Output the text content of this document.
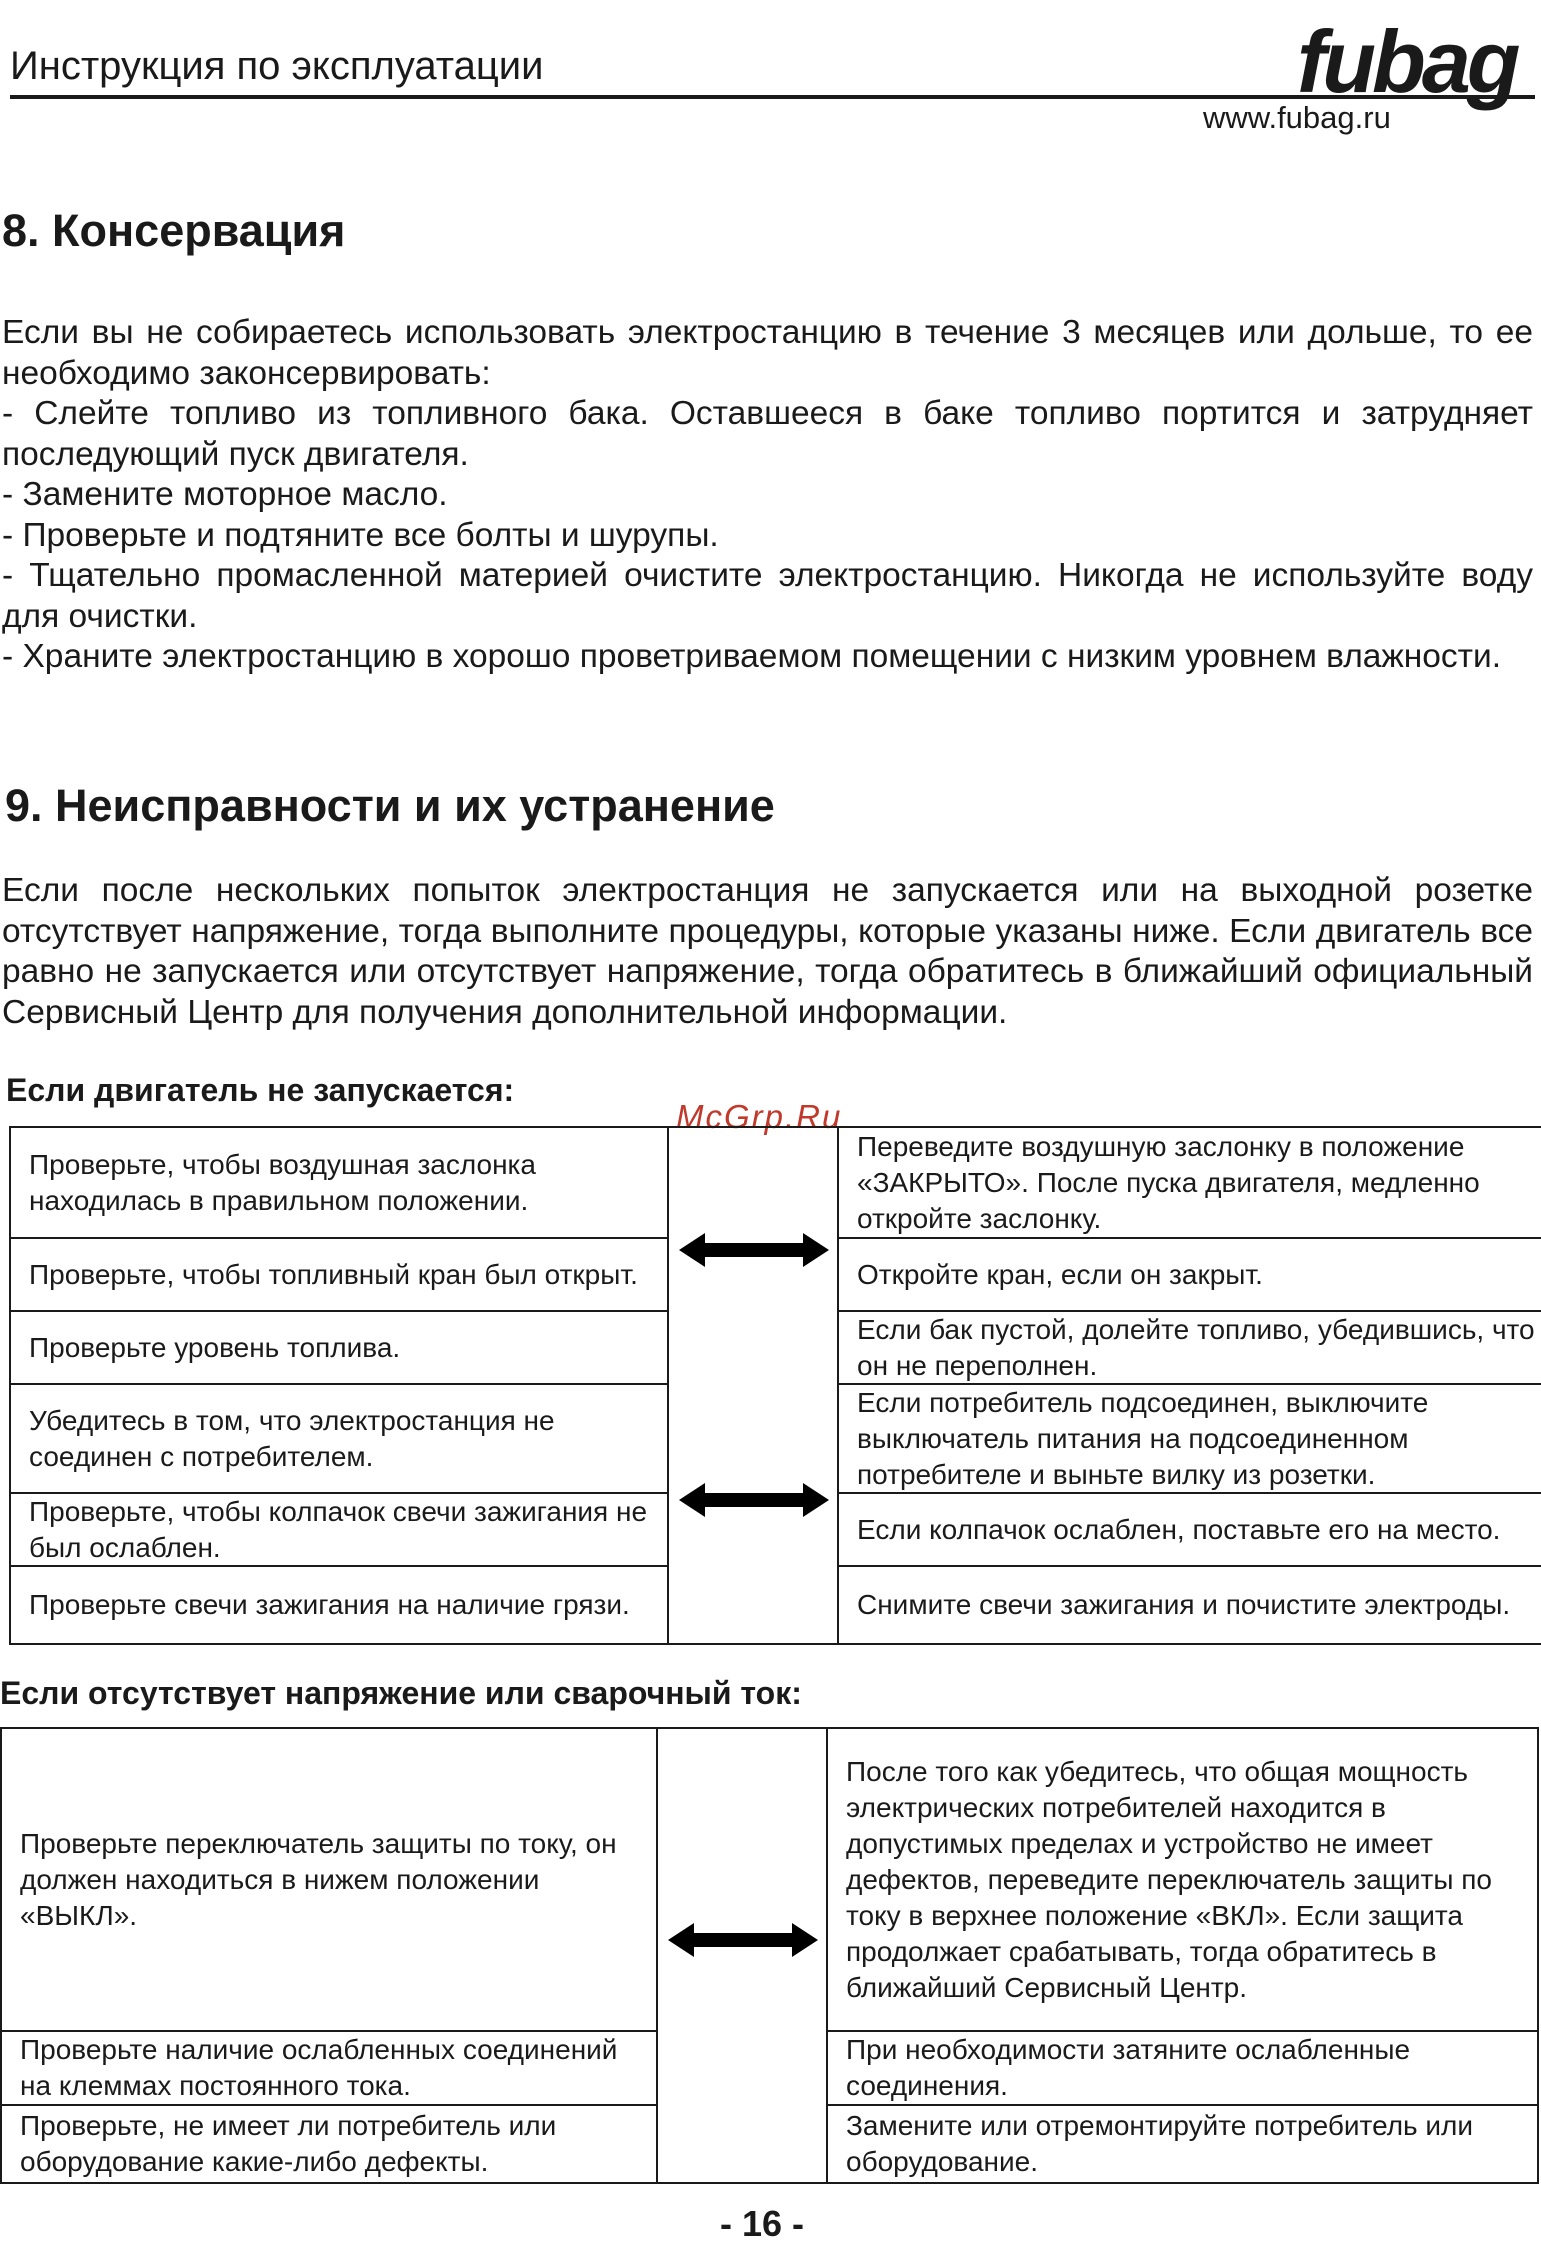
Инструкция по эксплуатации	fubag
www.fubag.ru
8. Консервация

Если вы не собираетесь использовать электростанцию в течение 3 месяцев или дольше, то ее необходимо законсервировать:

- Слейте топливо из топливного бака. Оставшееся в баке топливо портится и затрудняет последующий пуск двигателя.

- Замените моторное масло.

- Проверьте и подтяните все болты и шурупы.

- Тщательно промасленной материей очистите электростанцию. Никогда не используйте воду для очистки.

- Храните электростанцию в хорошо проветриваемом помещении с низким уровнем влажности.

9. Неисправности и их устранение

Если после нескольких попыток электростанция не запускается или на выходной розетке отсутствует напряжение, тогда выполните процедуры, которые указаны ниже. Если двигатель все равно не запускается или отсутствует напряжение, тогда обратитесь в ближайший официальный Сервисный Центр для получения дополнительной информации.

Если двигатель не запускается:
McGrp.Ru
Проверьте, чтобы воздушная заслонка находилась в правильном положении.
Проверьте, чтобы топливный кран был открыт.
Проверьте уровень топлива.
Убедитесь в том, что электростанция не соединен с потребителем.
Проверьте, чтобы колпачок свечи зажигания не был ослаблен.
Проверьте свечи зажигания на наличие грязи.
Переведите воздушную заслонку в положение «ЗАКРЫТО». После пуска двигателя, медленно откройте заслонку.
Откройте кран, если он закрыт.
Если бак пустой, долейте топливо, убедившись, что он не переполнен.
Если потребитель подсоединен, выключите выключатель питания на подсоединенном потребителе и выньте вилку из розетки.
Если колпачок ослаблен, поставьте его на место.
Снимите свечи зажигания и почистите электроды.
Если отсутствует напряжение или сварочный ток:
Проверьте переключатель защиты по току, он должен находиться в нижем положении «ВЫКЛ».
Проверьте наличие ослабленных соединений на клеммах постоянного тока.
Проверьте, не имеет ли потребитель или оборудование какие-либо дефекты.
После того как убедитесь, что общая мощность электрических потребителей находится в допустимых пределах и устройство не имеет дефектов, переведите переключатель защиты по току в верхнее положение «ВКЛ». Если защита продолжает срабатывать, тогда обратитесь в ближайший Сервисный Центр.
При необходимости затяните ослабленные соединения.
Замените или отремонтируйте потребитель или оборудование.
- 16 -
